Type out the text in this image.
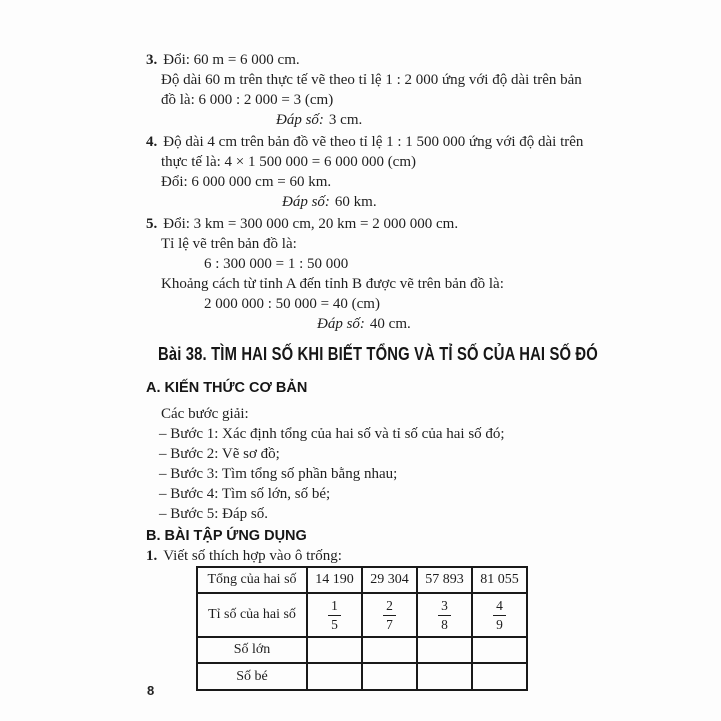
3. Đổi: 60 m = 6 000 cm.
Độ dài 60 m trên thực tế vẽ theo tỉ lệ 1 : 2 000 ứng với độ dài trên bản
đồ là: 6 000 : 2 000 = 3 (cm)
Đáp số: 3 cm.
4. Độ dài 4 cm trên bản đồ vẽ theo tỉ lệ 1 : 1 500 000 ứng với độ dài trên
thực tế là: 4 × 1 500 000 = 6 000 000 (cm)
Đổi: 6 000 000 cm = 60 km.
Đáp số: 60 km.
5. Đổi: 3 km = 300 000 cm, 20 km = 2 000 000 cm.
Tỉ lệ vẽ trên bản đồ là:
6 : 300 000 = 1 : 50 000
Khoảng cách từ tỉnh A đến tỉnh B được vẽ trên bản đồ là:
2 000 000 : 50 000 = 40 (cm)
Đáp số: 40 cm.
Bài 38. TÌM HAI SỐ KHI BIẾT TỔNG VÀ TỈ SỐ CỦA HAI SỐ ĐÓ
A. KIẾN THỨC CƠ BẢN
Các bước giải:
– Bước 1: Xác định tổng của hai số và tỉ số của hai số đó;
– Bước 2: Vẽ sơ đồ;
– Bước 3: Tìm tổng số phần bằng nhau;
– Bước 4: Tìm số lớn, số bé;
– Bước 5: Đáp số.
B. BÀI TẬP ỨNG DỤNG
1. Viết số thích hợp vào ô trống:
Tổng của hai số	14 190	29 304	57 893	81 055
Tỉ số của hai số	$\frac{1}{5}$	$\frac{2}{7}$	$\frac{3}{8}$	$\frac{4}{9}$

Số lớn				
Số bé				
8
